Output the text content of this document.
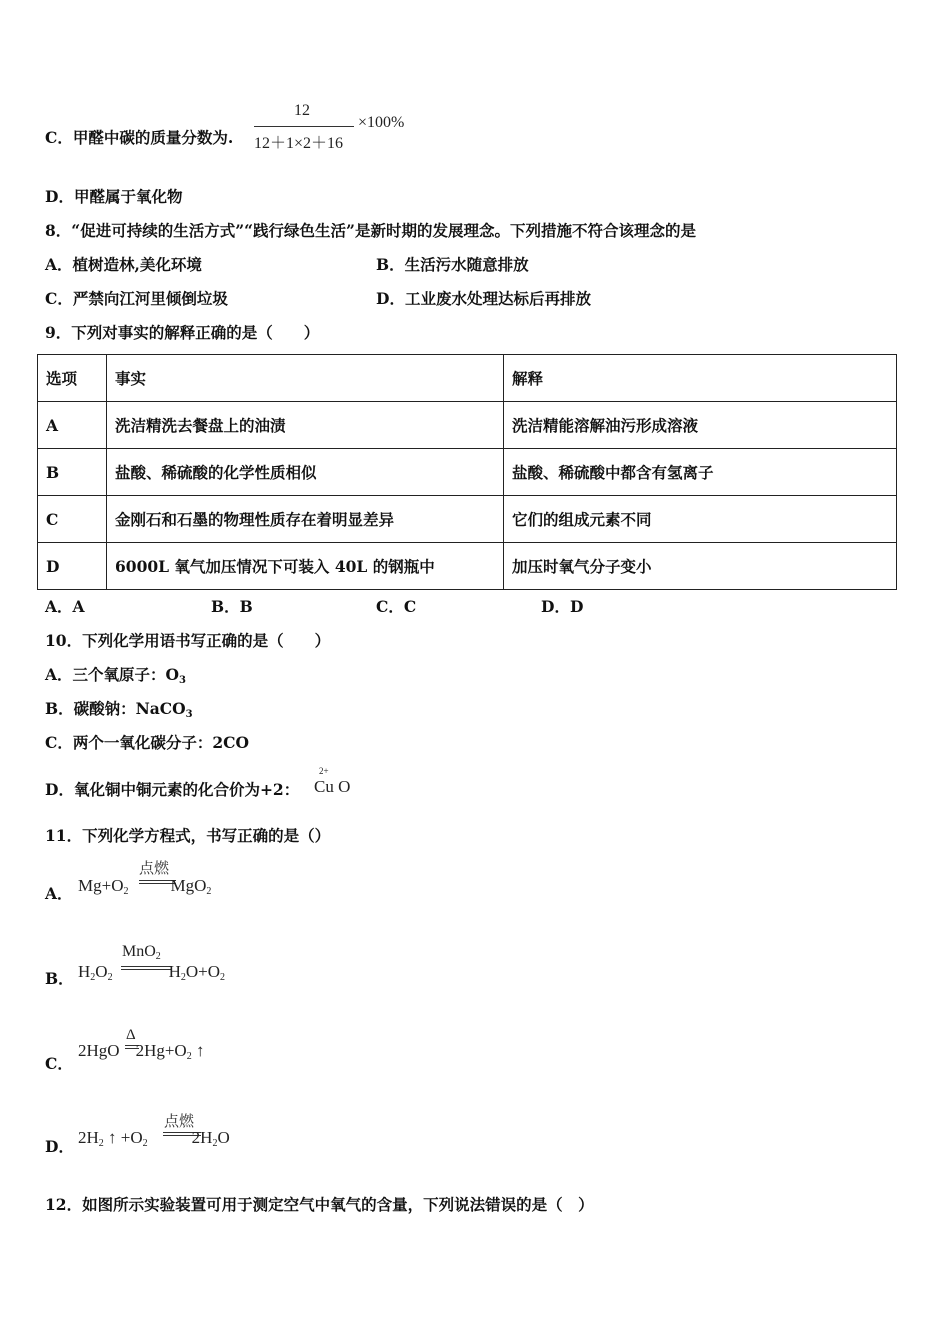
C．甲醛中碳的质量分数为.
12
12＋1×2＋16
×100%
D．甲醛属于氧化物
8．“促进可持续的生活方式”“践行绿色生活”是新时期的发展理念。下列措施不符合该理念的是
A．植树造林,美化环境	B．生活污水随意排放
C．严禁向江河里倾倒垃圾	D．工业废水处理达标后再排放
9．下列对事实的解释正确的是（　　）
选项	事实	解释
A	洗洁精洗去餐盘上的油渍	洗洁精能溶解油污形成溶液
B	盐酸、稀硫酸的化学性质相似	盐酸、稀硫酸中都含有氢离子
C	金刚石和石墨的物理性质存在着明显差异	它们的组成元素不同
D	6000L 氧气加压情况下可装入 40L 的钢瓶中	加压时氧气分子变小
A．A	B．B	C．C	D．D
10．下列化学用语书写正确的是（　　）
A．三个氧原子：$O_3$
B．碳酸钠：NaCO$_3$
C．两个一氧化碳分子：2CO
D．氧化铜中铜元素的化合价为+2：
2+
Cu O
11．下列化学方程式，书写正确的是（）
A．
点燃
$Mg+O_2$ MgO$_2$
B．
MnO$_2$
$H_2O_2$	$H_2O+O_2$
C．
Δ
2HgO $2Hg+O_2$ ↑
D．
点燃
$2H_2$ ↑ $+O_2$	$2H_2O$
12．如图所示实验装置可用于测定空气中氧气的含量，下列说法错误的是（　）
